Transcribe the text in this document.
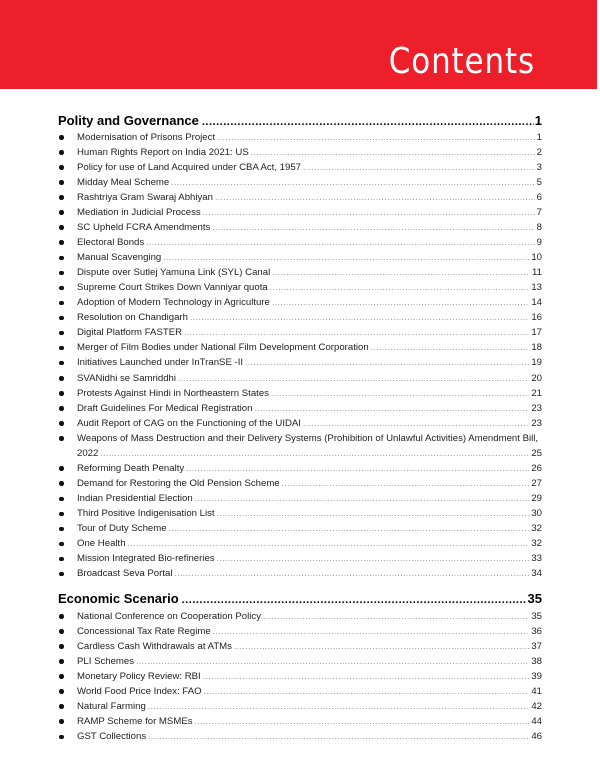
Contents
Polity and Governance .....	1
Modernisation of Prisons Project .....	1
Human Rights Report on India 2021: US .....	2
Policy for use of Land Acquired under CBA Act, 1957 .....	3
Midday Meal Scheme .....	5
Rashtriya Gram Swaraj Abhiyan .....	6
Mediation in Judicial Process .....	7
SC Upheld FCRA Amendments .....	8
Electoral Bonds .....	9
Manual Scavenging .....	10
Dispute over Sutlej Yamuna Link (SYL) Canal .....	11
Supreme Court Strikes Down Vanniyar quota .....	13
Adoption of Modern Technology in Agriculture .....	14
Resolution on Chandigarh .....	16
Digital Platform FASTER .....	17
Merger of Film Bodies under National Film Development Corporation .....	18
Initiatives Launched under InTranSE -II .....	19
SVANidhi se Samriddhi .....	20
Protests Against Hindi in Northeastern States .....	21
Draft Guidelines For Medical Registration .....	23
Audit Report of CAG on the Functioning of the UIDAI .....	23
Weapons of Mass Destruction and their Delivery Systems (Prohibition of Unlawful Activities) Amendment Bill,
2022 .....	25
Reforming Death Penalty .....	26
Demand for Restoring the Old Pension Scheme .....	27
Indian Presidential Election .....	29
Third Positive Indigenisation List .....	30
Tour of Duty Scheme .....	32
One Health .....	32
Mission Integrated Bio-refineries .....	33
Broadcast Seva Portal .....	34
Economic Scenario .....	35
National Conference on Cooperation Policy .....	35
Concessional Tax Rate Regime .....	36
Cardless Cash Withdrawals at ATMs .....	37
PLI Schemes .....	38
Monetary Policy Review: RBI .....	39
World Food Price Index: FAO .....	41
Natural Farming .....	42
RAMP Scheme for MSMEs .....	44
GST Collections .....	46
